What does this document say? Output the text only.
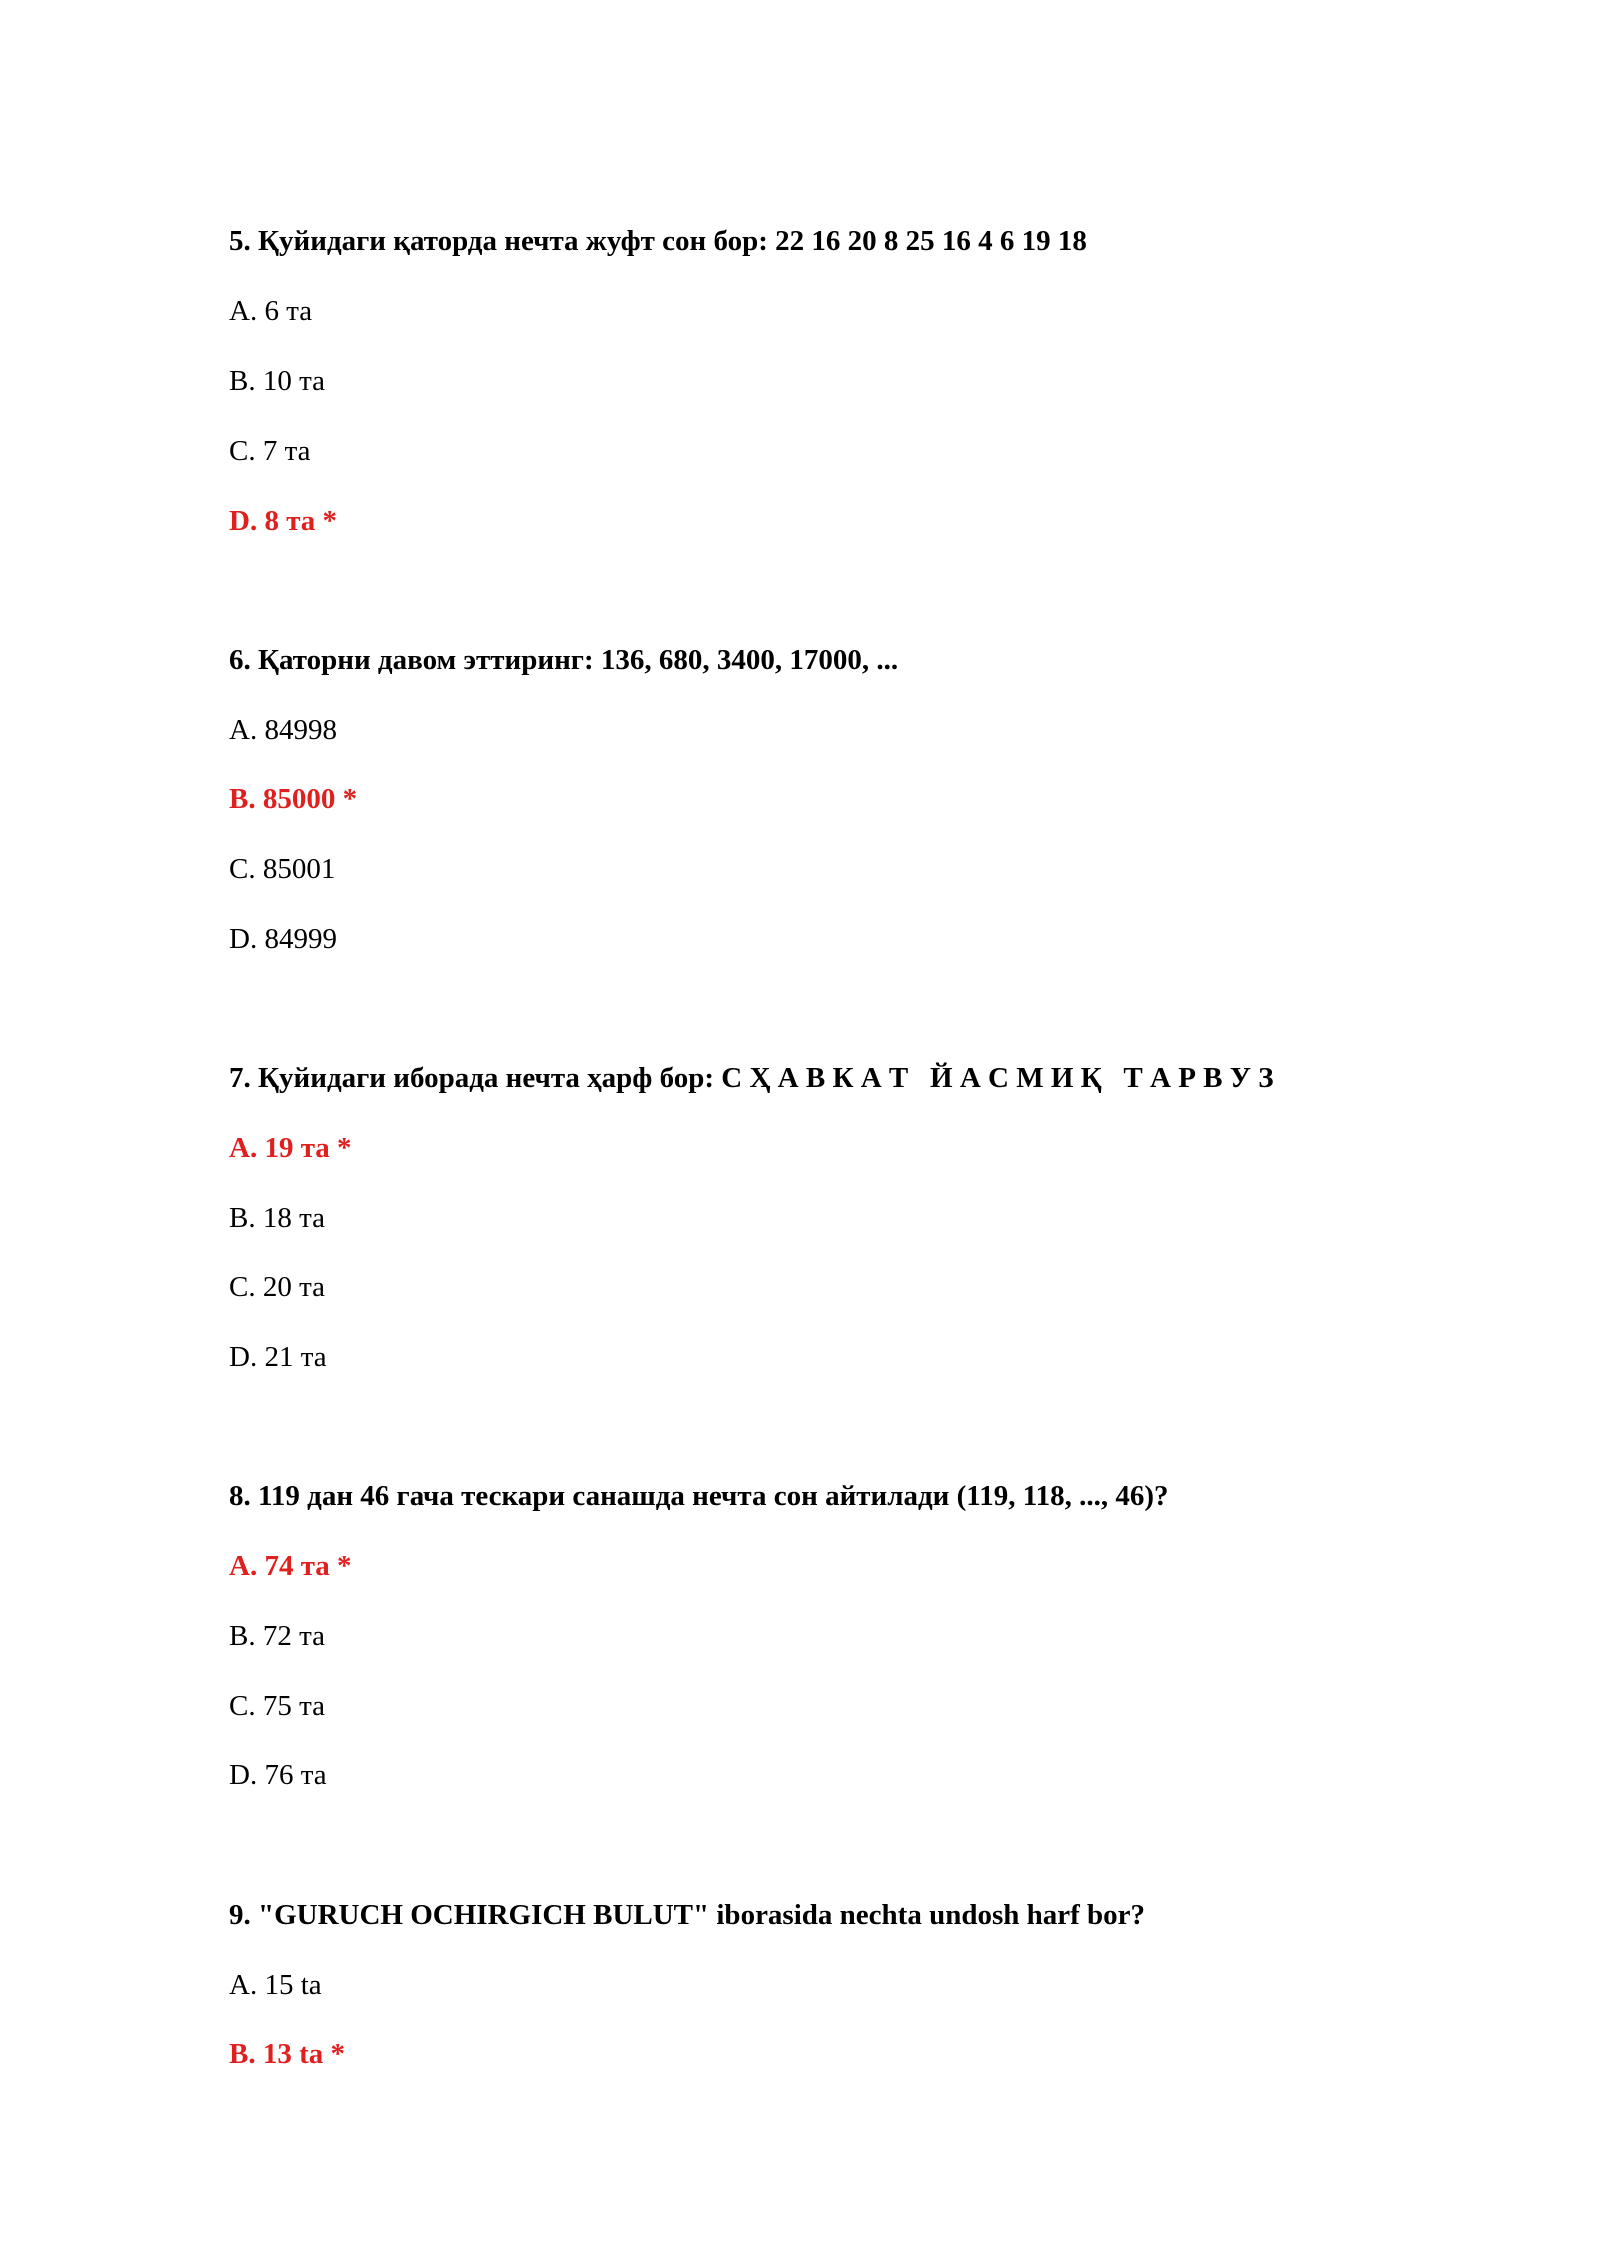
5. Қуйидаги қаторда нечта жуфт сон бор: 22 16 20 8 25 16 4 6 19 18

A. 6 та

B. 10 та

C. 7 та

D. 8 та *

6. Қаторни давом эттиринг: 136, 680, 3400, 17000, ...

A. 84998

B. 85000 *

C. 85001

D. 84999

7. Қуйидаги иборада нечта ҳарф бор: С Ҳ А В К А Т   Й А С М И Қ   Т А Р В У З

A. 19 та *

B. 18 та

C. 20 та

D. 21 та

8. 119 дан 46 гача тескари санашда нечта сон айтилади (119, 118, ..., 46)?

A. 74 та *

B. 72 та

C. 75 та

D. 76 та

9. "GURUCH OCHIRGICH BULUT" iborasida nechta undosh harf bor?

A. 15 ta

B. 13 ta *
